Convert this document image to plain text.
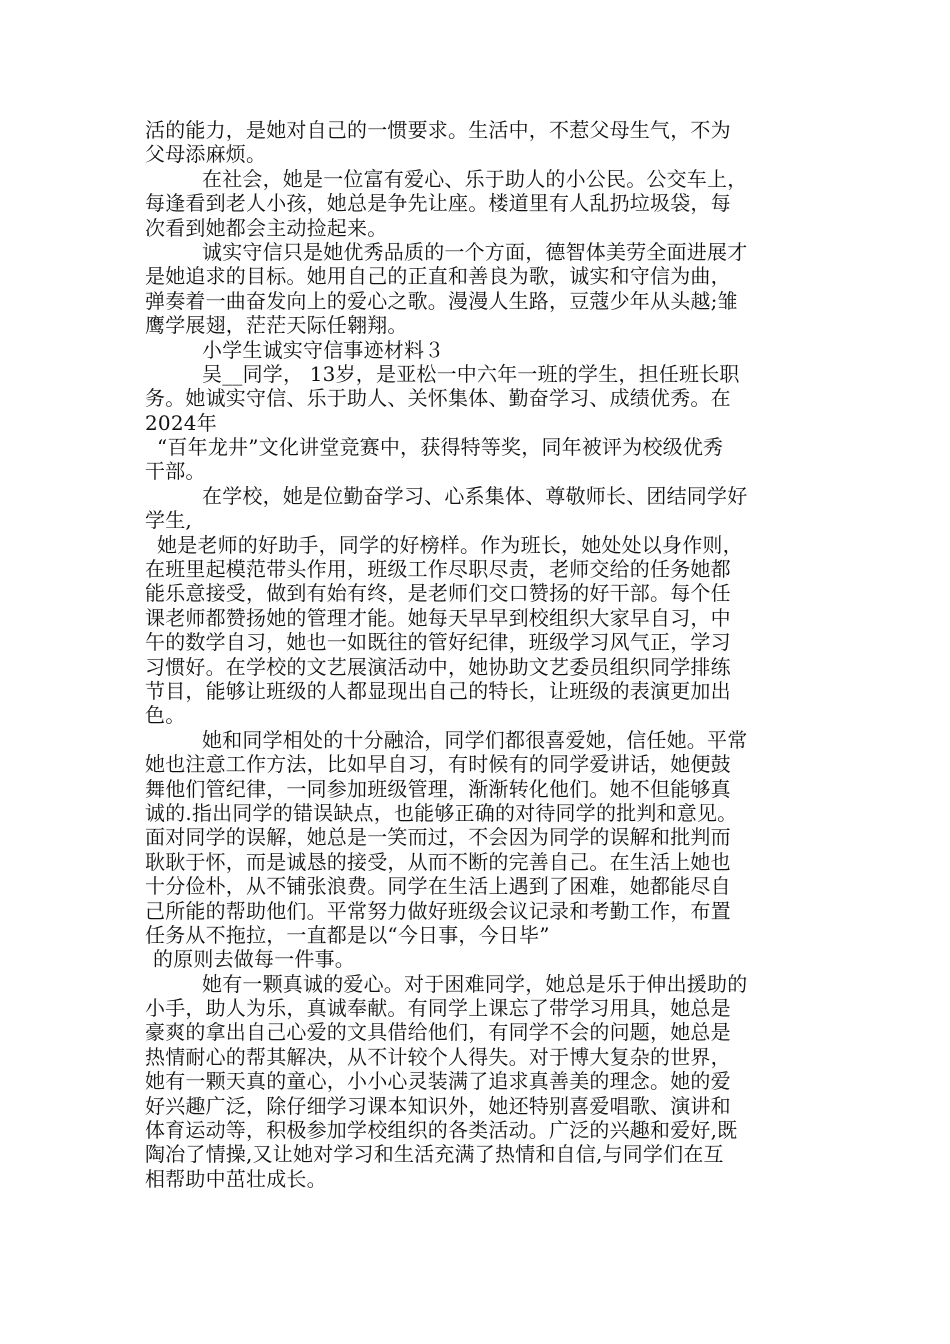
活的能力，是她对自己的一惯要求。生活中，不惹父母生气，不为
父母添麻烦。
在社会，她是一位富有爱心、乐于助人的小公民。公交车上，
每逢看到老人小孩，她总是争先让座。楼道里有人乱扔垃圾袋，每
次看到她都会主动捡起来。
诚实守信只是她优秀品质的一个方面，德智体美劳全面进展才
是她追求的目标。她用自己的正直和善良为歌，诚实和守信为曲，
弹奏着一曲奋发向上的爱心之歌。漫漫人生路，豆蔻少年从头越;雏
鹰学展翅，茫茫天际任翱翔。
小学生诚实守信事迹材料３
吴__同学， 13岁，是亚松一中六年一班的学生，担任班长职
务。她诚实守信、乐于助人、关怀集体、勤奋学习、成绩优秀。在
2024年
“百年龙井”文化讲堂竞赛中，获得特等奖，同年被评为校级优秀
干部。
在学校，她是位勤奋学习、心系集体、尊敬师长、团结同学好
学生,
她是老师的好助手，同学的好榜样。作为班长，她处处以身作则，
在班里起模范带头作用，班级工作尽职尽责，老师交给的任务她都
能乐意接受，做到有始有终，是老师们交口赞扬的好干部。每个任
课老师都赞扬她的管理才能。她每天早早到校组织大家早自习，中
午的数学自习，她也一如既往的管好纪律，班级学习风气正，学习
习惯好。在学校的文艺展演活动中，她协助文艺委员组织同学排练
节目，能够让班级的人都显现出自己的特长，让班级的表演更加出
色。
她和同学相处的十分融洽，同学们都很喜爱她，信任她。平常
她也注意工作方法，比如早自习，有时候有的同学爱讲话，她便鼓
舞他们管纪律，一同参加班级管理，渐渐转化他们。她不但能够真
诚的.指出同学的错误缺点，也能够正确的对待同学的批判和意见。
面对同学的误解，她总是一笑而过，不会因为同学的误解和批判而
耿耿于怀，而是诚恳的接受，从而不断的完善自己。在生活上她也
十分俭朴，从不铺张浪费。同学在生活上遇到了困难，她都能尽自
己所能的帮助他们。平常努力做好班级会议记录和考勤工作，布置
任务从不拖拉，一直都是以“今日事，今日毕”
的原则去做每一件事。
她有一颗真诚的爱心。对于困难同学，她总是乐于伸出援助的
小手，助人为乐，真诚奉献。有同学上课忘了带学习用具，她总是
豪爽的拿出自己心爱的文具借给他们，有同学不会的问题，她总是
热情耐心的帮其解决，从不计较个人得失。对于博大复杂的世界，
她有一颗天真的童心，小小心灵装满了追求真善美的理念。她的爱
好兴趣广泛，除仔细学习课本知识外，她还特别喜爱唱歌、演讲和
体育运动等，积极参加学校组织的各类活动。广泛的兴趣和爱好,既
陶冶了情操,又让她对学习和生活充满了热情和自信,与同学们在互
相帮助中茁壮成长。
